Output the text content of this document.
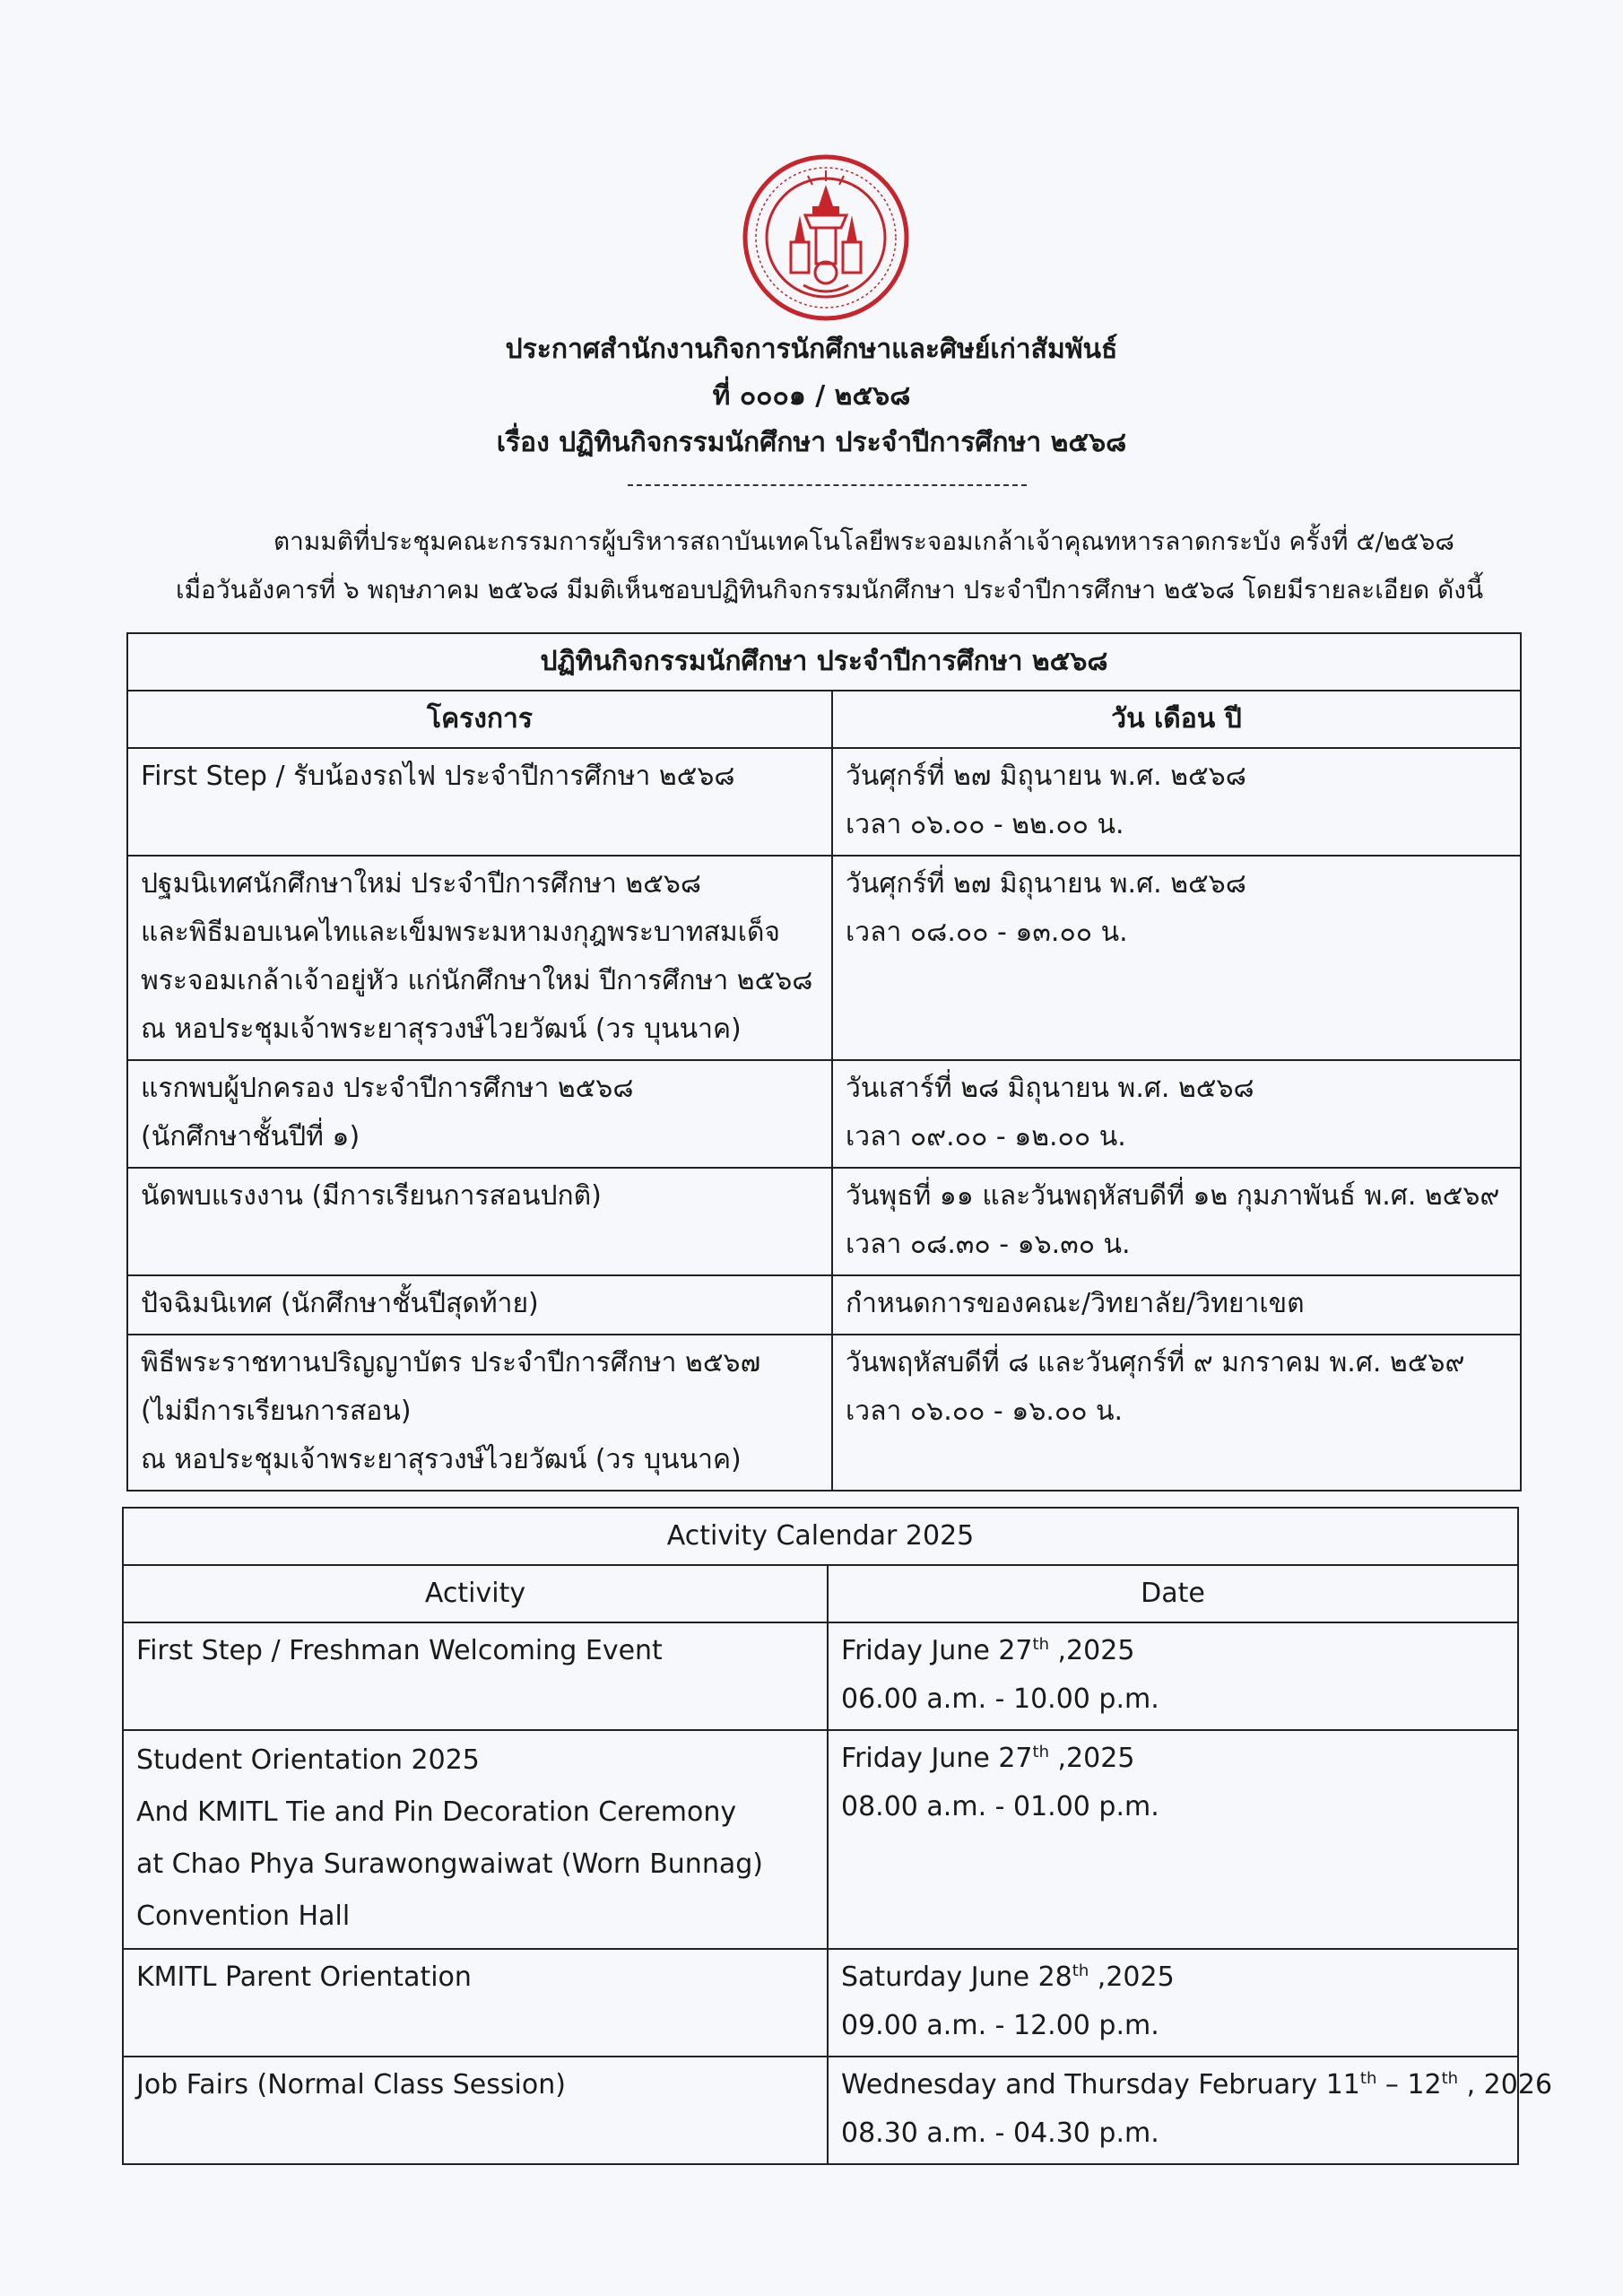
ประกาศสำนักงานกิจการนักศึกษาและศิษย์เก่าสัมพันธ์
ที่ ๐๐๐๑ / ๒๕๖๘
เรื่อง ปฏิทินกิจกรรมนักศึกษา ประจำปีการศึกษา ๒๕๖๘
ตามมติที่ประชุมคณะกรรมการผู้บริหารสถาบันเทคโนโลยีพระจอมเกล้าเจ้าคุณทหารลาดกระบัง ครั้งที่ ๕/๒๕๖๘
เมื่อวันอังคารที่ ๖ พฤษภาคม ๒๕๖๘ มีมติเห็นชอบปฏิทินกิจกรรมนักศึกษา ประจำปีการศึกษา ๒๕๖๘ โดยมีรายละเอียด ดังนี้
ปฏิทินกิจกรรมนักศึกษา ประจำปีการศึกษา ๒๕๖๘	
โครงการ	วัน เดือน ปี

First Step / รับน้องรถไฟ ประจำปีการศึกษา ๒๕๖๘	วันศุกร์ที่ ๒๗ มิถุนายน พ.ศ. ๒๕๖๘
เวลา ๐๖.๐๐ - ๒๒.๐๐ น.

ปฐมนิเทศนักศึกษาใหม่ ประจำปีการศึกษา ๒๕๖๘
และพิธีมอบเนคไทและเข็มพระมหามงกุฎพระบาทสมเด็จ
พระจอมเกล้าเจ้าอยู่หัว แก่นักศึกษาใหม่ ปีการศึกษา ๒๕๖๘
ณ หอประชุมเจ้าพระยาสุรวงษ์ไวยวัฒน์ (วร บุนนาค)	วันศุกร์ที่ ๒๗ มิถุนายน พ.ศ. ๒๕๖๘
เวลา ๐๘.๐๐ - ๑๓.๐๐ น.

แรกพบผู้ปกครอง ประจำปีการศึกษา ๒๕๖๘
(นักศึกษาชั้นปีที่ ๑)	วันเสาร์ที่ ๒๘ มิถุนายน พ.ศ. ๒๕๖๘
เวลา ๐๙.๐๐ - ๑๒.๐๐ น.

นัดพบแรงงาน (มีการเรียนการสอนปกติ)	วันพุธที่ ๑๑ และวันพฤหัสบดีที่ ๑๒ กุมภาพันธ์ พ.ศ. ๒๕๖๙
เวลา ๐๘.๓๐ - ๑๖.๓๐ น.

ปัจฉิมนิเทศ (นักศึกษาชั้นปีสุดท้าย)	กำหนดการของคณะ/วิทยาลัย/วิทยาเขต

พิธีพระราชทานปริญญาบัตร ประจำปีการศึกษา ๒๕๖๗
(ไม่มีการเรียนการสอน)
ณ หอประชุมเจ้าพระยาสุรวงษ์ไวยวัฒน์ (วร บุนนาค)	วันพฤหัสบดีที่ ๘ และวันศุกร์ที่ ๙ มกราคม พ.ศ. ๒๕๖๙
เวลา ๐๖.๐๐ - ๑๖.๐๐ น.
Activity Calendar 2025	
Activity	Date

First Step / Freshman Welcoming Event	Friday June 27th ,2025
06.00 a.m. - 10.00 p.m.

Student Orientation 2025
And KMITL Tie and Pin Decoration Ceremony
at Chao Phya Surawongwaiwat (Worn Bunnag)
Convention Hall	Friday June 27th ,2025
08.00 a.m. - 01.00 p.m.

KMITL Parent Orientation	Saturday June 28th ,2025
09.00 a.m. - 12.00 p.m.

Job Fairs (Normal Class Session)	Wednesday and Thursday February 11th – 12th , 2026
08.30 a.m. - 04.30 p.m.
